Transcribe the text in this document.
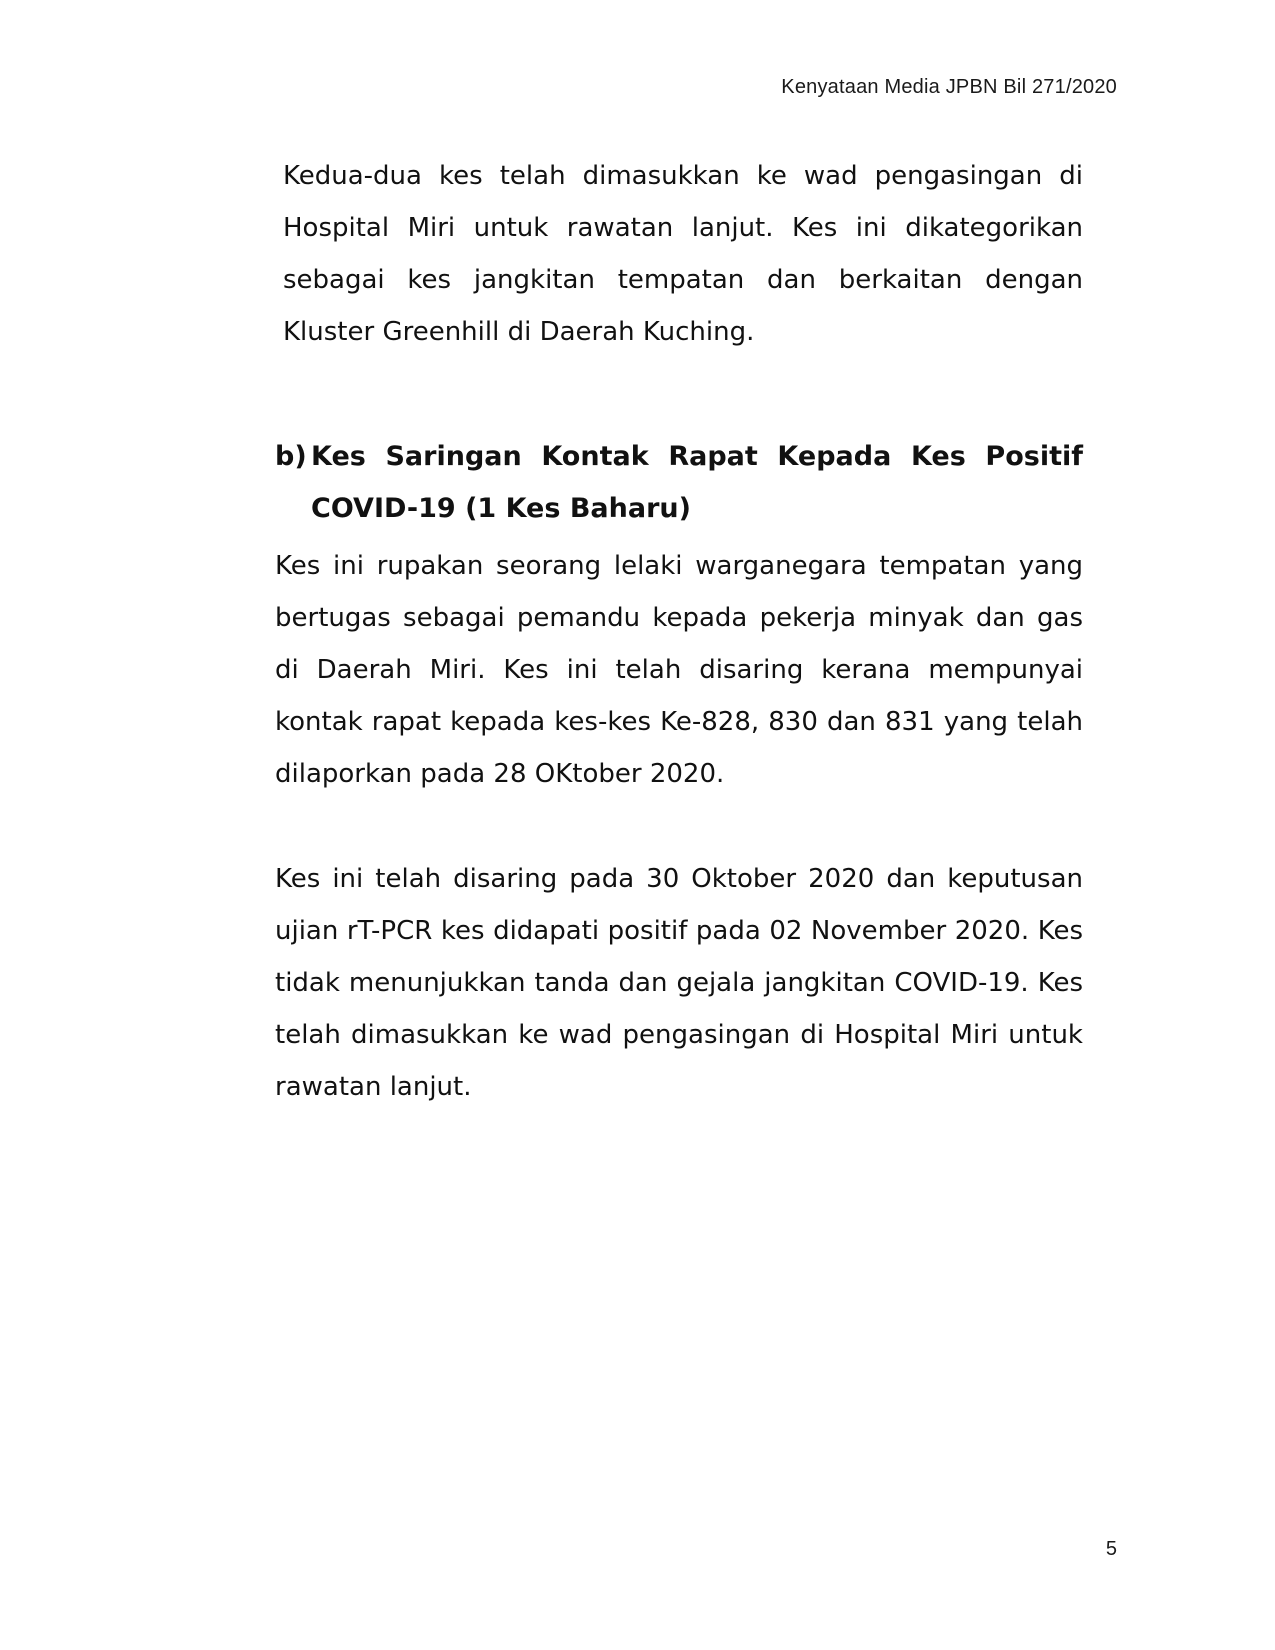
Kenyataan Media JPBN Bil 271/2020

Kedua-dua kes telah dimasukkan ke wad pengasingan di Hospital Miri untuk rawatan lanjut. Kes ini dikategorikan sebagai kes jangkitan tempatan dan berkaitan dengan Kluster Greenhill di Daerah Kuching.

b) Kes Saringan Kontak Rapat Kepada Kes Positif COVID-19 (1 Kes Baharu)

Kes ini rupakan seorang lelaki warganegara tempatan yang bertugas sebagai pemandu kepada pekerja minyak dan gas di Daerah Miri. Kes ini telah disaring kerana mempunyai kontak rapat kepada kes-kes Ke-828, 830 dan 831 yang telah dilaporkan pada 28 OKtober 2020.

Kes ini telah disaring pada 30 Oktober 2020 dan keputusan ujian rT-PCR kes didapati positif pada 02 November 2020. Kes tidak menunjukkan tanda dan gejala jangkitan COVID-19. Kes telah dimasukkan ke wad pengasingan di Hospital Miri untuk rawatan lanjut.

5
